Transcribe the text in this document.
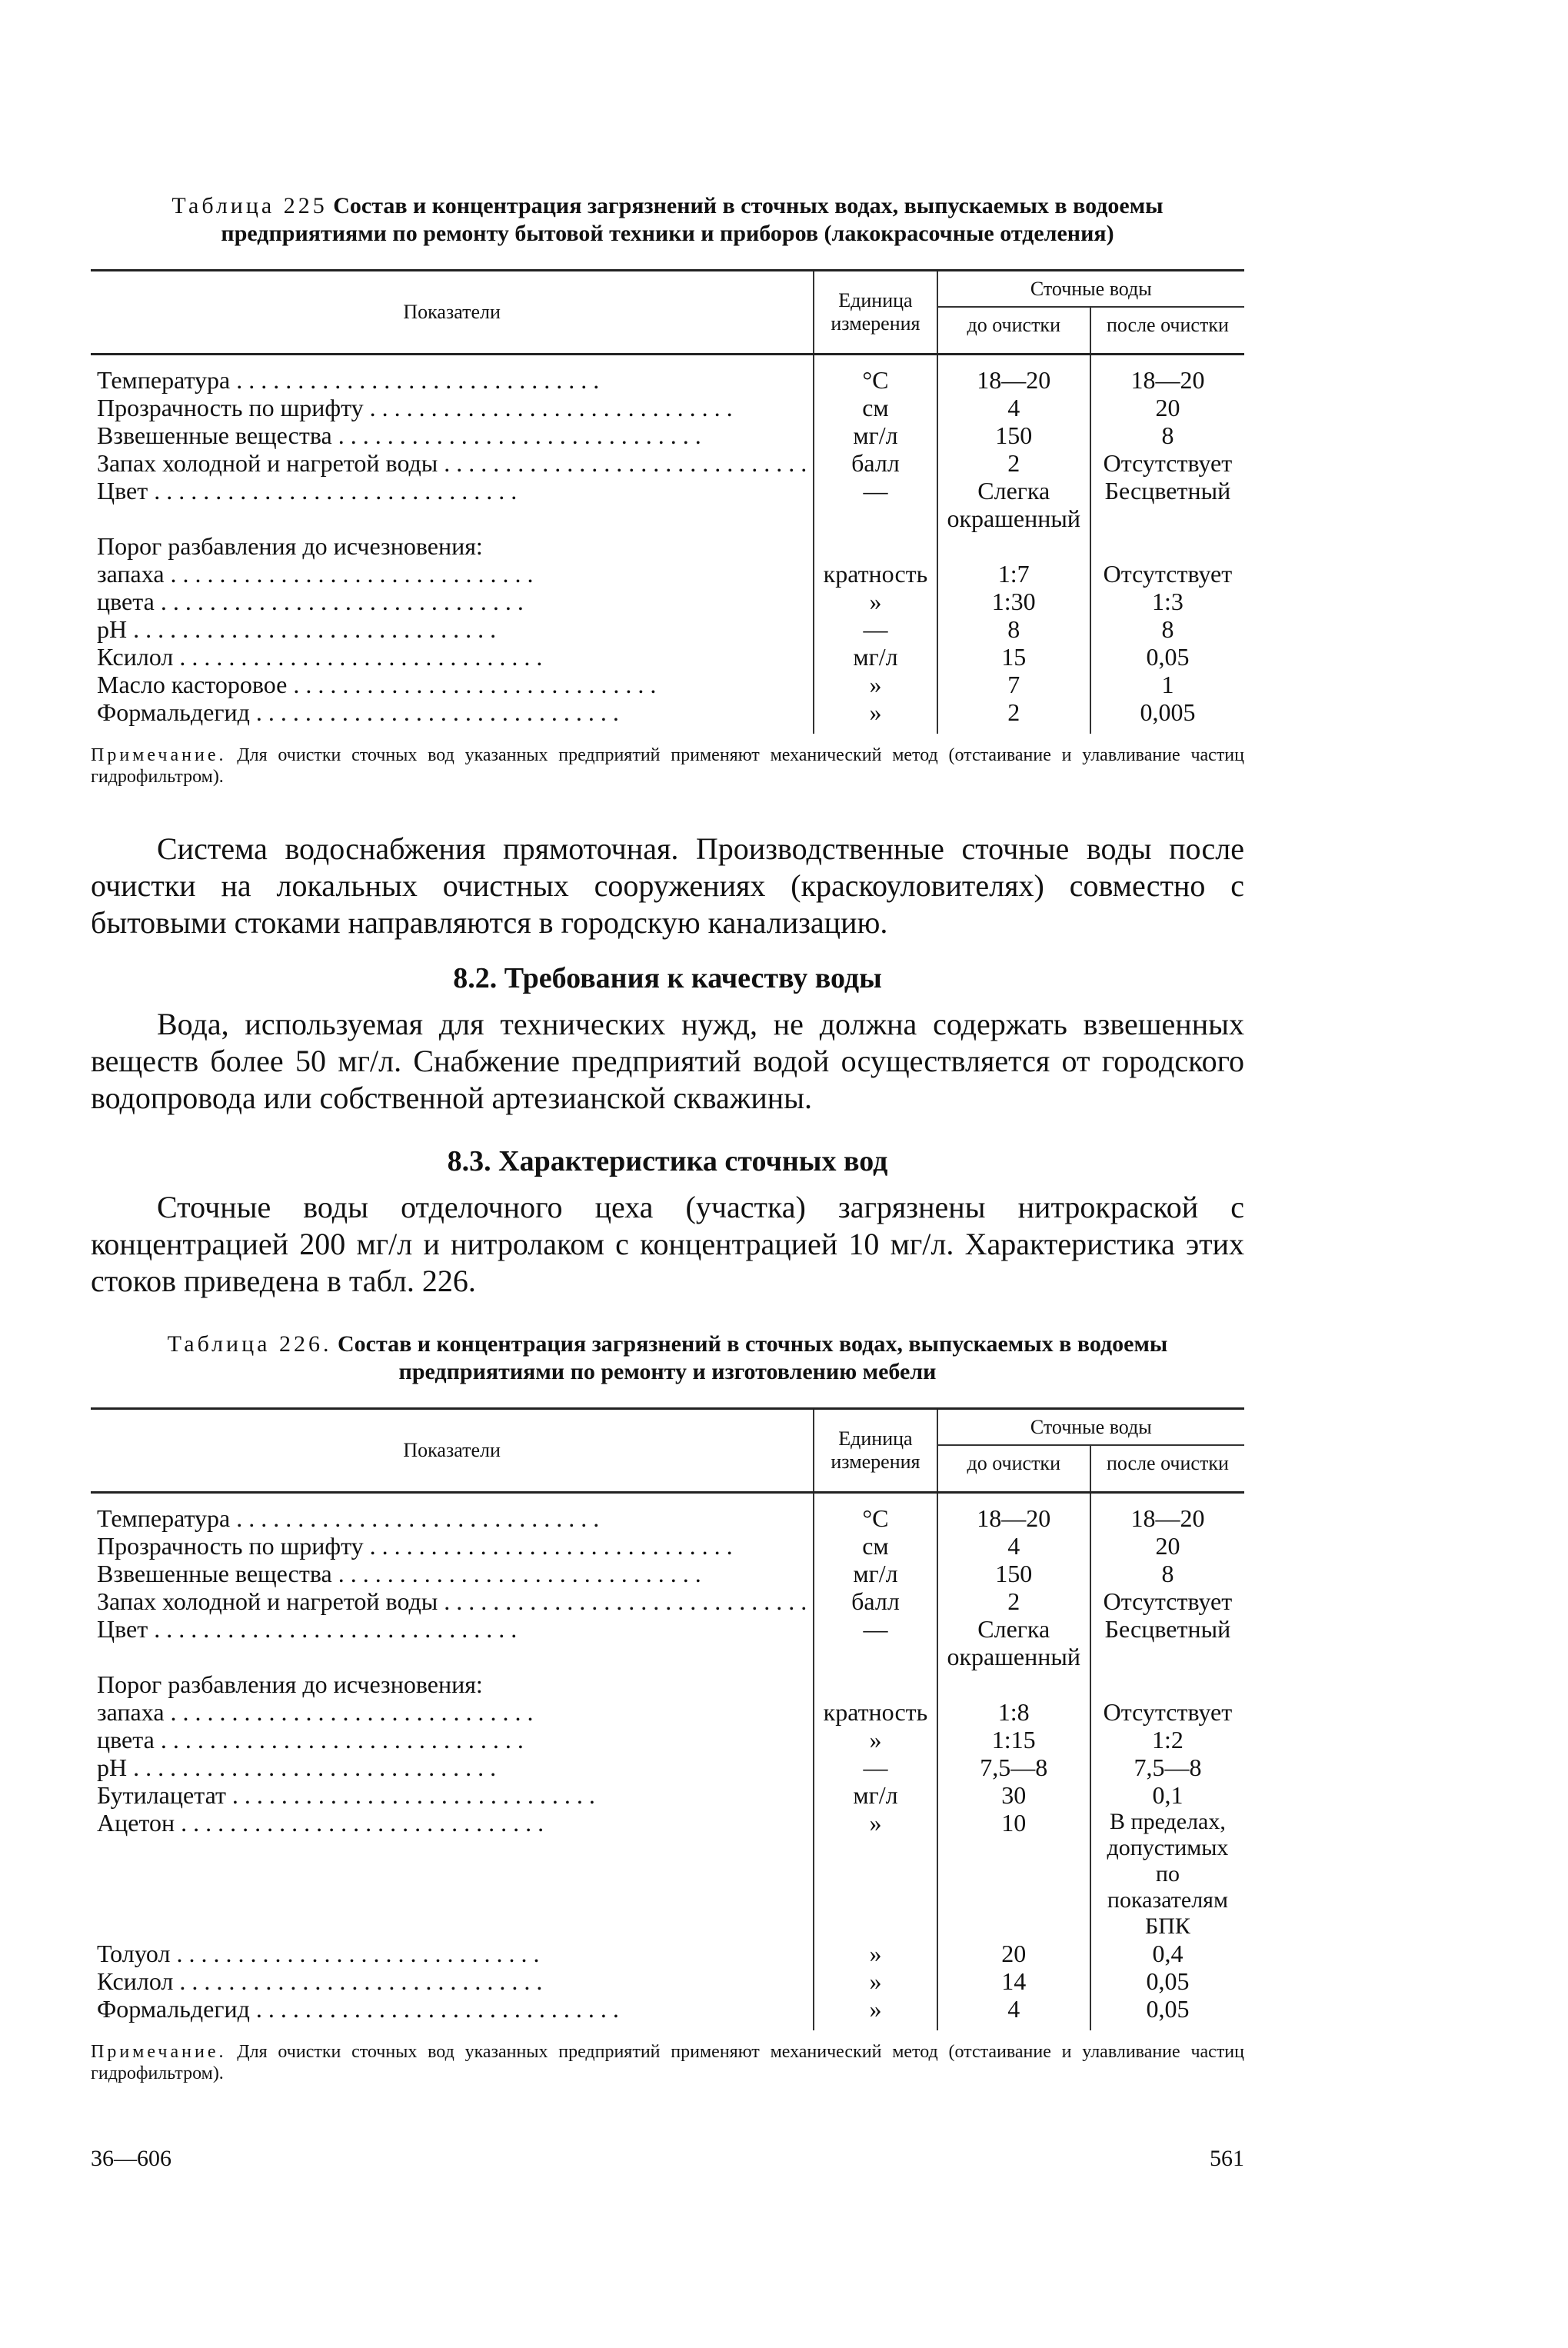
Таблица 225 Состав и концентрация загрязнений в сточных водах, выпускаемых в водоемы предприятиями по ремонту бытовой техники и приборов (лакокрасочные отделения)

Показатели	Единица измерения	Сточные воды	
		до очистки	после очистки
Температура . . .	°С	18—20	18—20
Прозрачность по шрифту . . .	см	4	20
Взвешенные вещества . . .	мг/л	150	8
Запах холодной и нагретой воды . . .	балл	2	Отсутствует
Цвет . . .	—	Слегка окрашенный	Бесцветный
Порог разбавления до исчезновения:			
запаха . . .	кратность	1:7	Отсутствует
цвета . . .	»	1:30	1:3
pH . . .	—	8	8
Ксилол . . .	мг/л	15	0,05
Масло касторовое . . .	»	7	1
Формальдегид . . .	»	2	0,005

Примечание. Для очистки сточных вод указанных предприятий применяют механический метод (отстаивание и улавливание частиц гидрофильтром).

Система водоснабжения прямоточная. Производственные сточные воды после очистки на локальных очистных сооружениях (краскоуловителях) совместно с бытовыми стоками направляются в городскую канализацию.

8.2. Требования к качеству воды

Вода, используемая для технических нужд, не должна содержать взвешенных веществ более 50 мг/л. Снабжение предприятий водой осуществляется от городского водопровода или собственной артезианской скважины.

8.3. Характеристика сточных вод

Сточные воды отделочного цеха (участка) загрязнены нитрокраской с концентрацией 200 мг/л и нитролаком с концентрацией 10 мг/л. Характеристика этих стоков приведена в табл. 226.

Таблица 226. Состав и концентрация загрязнений в сточных водах, выпускаемых в водоемы предприятиями по ремонту и изготовлению мебели

Показатели	Единица измерения	Сточные воды	
		до очистки	после очистки
Температура . . .	°С	18—20	18—20
Прозрачность по шрифту . . .	см	4	20
Взвешенные вещества . . .	мг/л	150	8
Запах холодной и нагретой воды . . .	балл	2	Отсутствует
Цвет . . .	—	Слегка окрашенный	Бесцветный
Порог разбавления до исчезновения:			
запаха . . .	кратность	1:8	Отсутствует
цвета . . .	»	1:15	1:2
pH . . .	—	7,5—8	7,5—8
Бутилацетат . . .	мг/л	30	0,1
Ацетон . . .	»	10	В пределах, допустимых по показателям БПК
Толуол . . .	»	20	0,4
Ксилол . . .	»	14	0,05
Формальдегид . . .	»	4	0,05

Примечание. Для очистки сточных вод указанных предприятий применяют механический метод (отстаивание и улавливание частиц гидрофильтром).

36—606	561
